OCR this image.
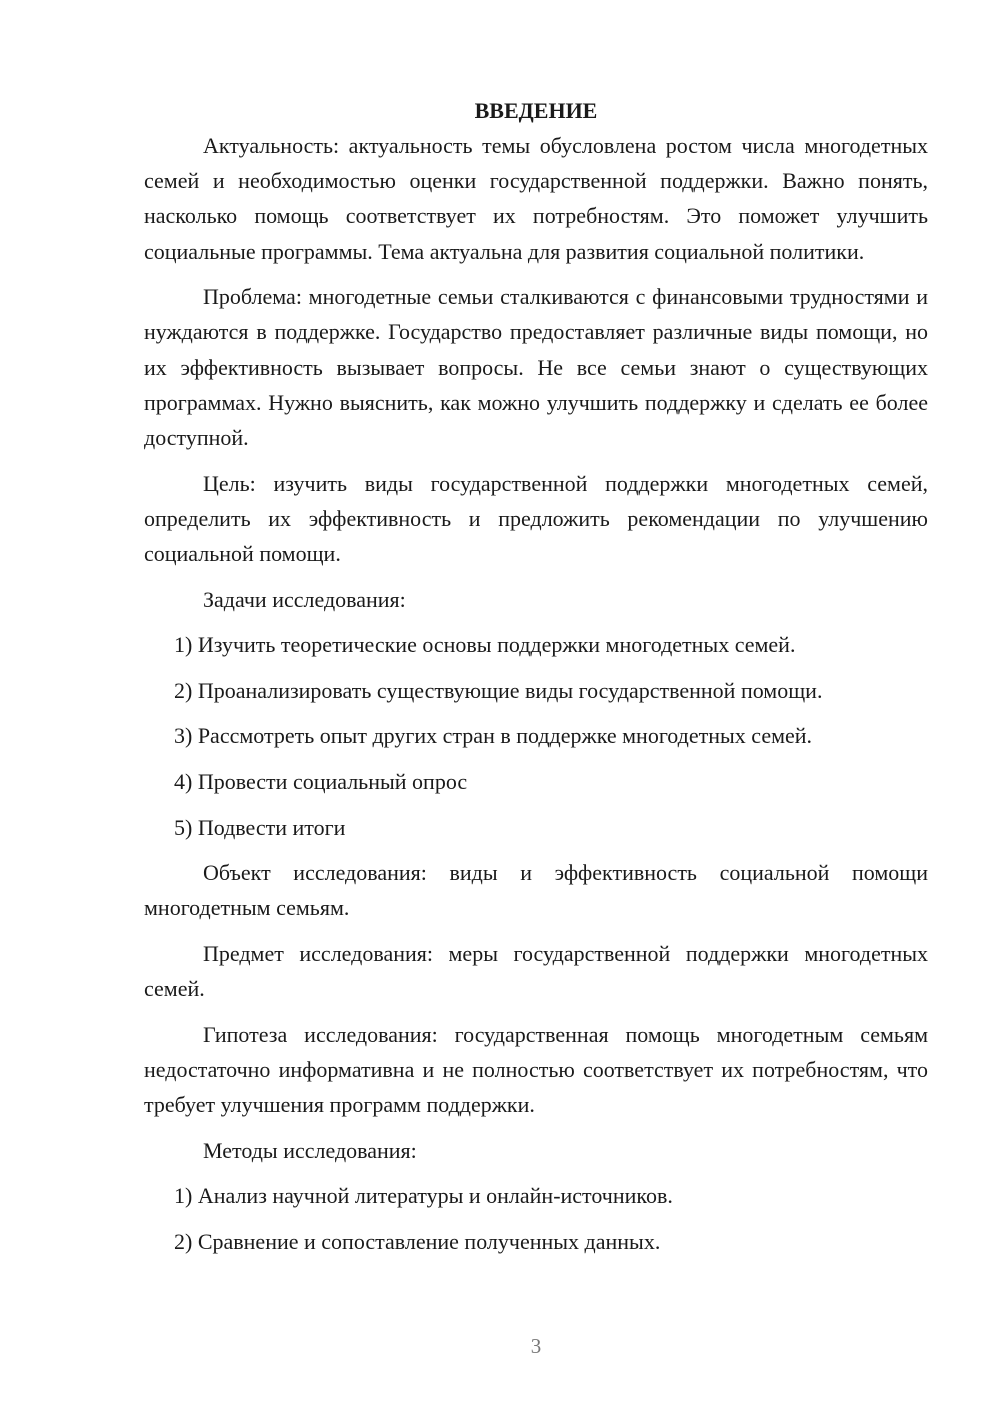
ВВЕДЕНИЕ

Актуальность: актуальность темы обусловлена ростом числа многодетных семей и необходимостью оценки государственной поддержки. Важно понять, насколько помощь соответствует их потребностям. Это поможет улучшить социальные программы. Тема актуальна для развития социальной политики.

Проблема: многодетные семьи сталкиваются с финансовыми трудностями и нуждаются в поддержке. Государство предоставляет различные виды помощи, но их эффективность вызывает вопросы. Не все семьи знают о существующих программах. Нужно выяснить, как можно улучшить поддержку и сделать ее более доступной.

Цель: изучить виды государственной поддержки многодетных семей, определить их эффективность и предложить рекомендации по улучшению социальной помощи.

Задачи исследования:

1) Изучить теоретические основы поддержки многодетных семей.
2) Проанализировать существующие виды государственной помощи.
3) Рассмотреть опыт других стран в поддержке многодетных семей.
4) Провести социальный опрос
5) Подвести итоги

Объект исследования: виды и эффективность социальной помощи многодетным семьям.

Предмет исследования: меры государственной поддержки многодетных семей.

Гипотеза исследования: государственная помощь многодетным семьям недостаточно информативна и не полностью соответствует их потребностям, что требует улучшения программ поддержки.

Методы исследования:

1) Анализ научной литературы и онлайн-источников.
2) Сравнение и сопоставление полученных данных.
3
